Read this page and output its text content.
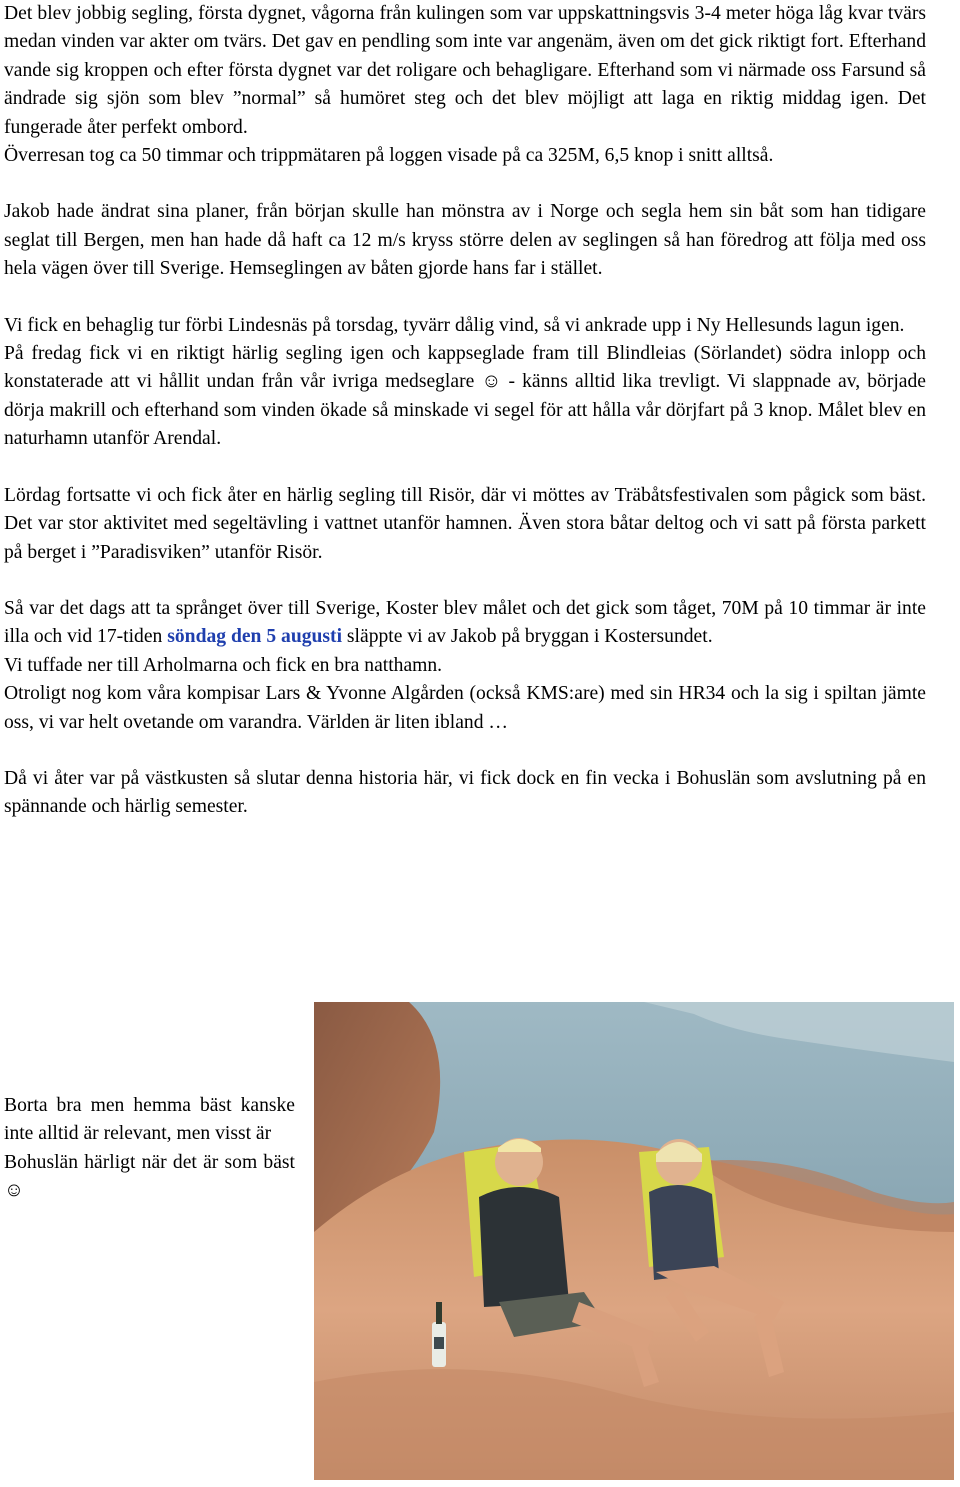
Det blev jobbig segling, första dygnet, vågorna från kulingen som var uppskattningsvis 3-4 meter höga låg kvar tvärs medan vinden var akter om tvärs. Det gav en pendling som inte var angenäm, även om det gick riktigt fort. Efterhand vande sig kroppen och efter första dygnet var det roligare och behagligare. Efterhand som vi närmade oss Farsund så ändrade sig sjön som blev ”normal” så humöret steg och det blev möjligt att laga en riktig middag igen. Det fungerade åter perfekt ombord.

Överresan tog ca 50 timmar och trippmätaren på loggen visade på ca 325M, 6,5 knop i snitt alltså.

Jakob hade ändrat sina planer, från början skulle han mönstra av i Norge och segla hem sin båt som han tidigare seglat till Bergen, men han hade då haft ca 12 m/s kryss större delen av seglingen så han föredrog att följa med oss hela vägen över till Sverige. Hemseglingen av båten gjorde hans far i stället.

Vi fick en behaglig tur förbi Lindesnäs på torsdag, tyvärr dålig vind, så vi ankrade upp i Ny Hellesunds lagun igen.

På fredag fick vi en riktigt härlig segling igen och kappseglade fram till Blindleias (Sörlandet) södra inlopp och konstaterade att vi hållit undan från vår ivriga medseglare ☺ - känns alltid lika trevligt. Vi slappnade av, började dörja makrill och efterhand som vinden ökade så minskade vi segel för att hålla vår dörjfart på 3 knop. Målet blev en naturhamn utanför Arendal.

Lördag fortsatte vi och fick åter en härlig segling till Risör, där vi möttes av Träbåtsfestivalen som pågick som bäst. Det var stor aktivitet med segeltävling i vattnet utanför hamnen. Även stora båtar deltog och vi satt på första parkett på berget i ”Paradisviken” utanför Risör.

Så var det dags att ta språnget över till Sverige, Koster blev målet och det gick som tåget, 70M på 10 timmar är inte illa och vid 17-tiden söndag den 5 augusti släppte vi av Jakob på bryggan i Kostersundet.

Vi tuffade ner till Arholmarna och fick en bra natthamn.

Otroligt nog kom våra kompisar Lars & Yvonne Algården (också KMS:are) med sin HR34 och la sig i spiltan jämte oss, vi var helt ovetande om varandra. Världen är liten ibland …

Då vi åter var på västkusten så slutar denna historia här, vi fick dock en fin vecka i Bohuslän som avslutning på en spännande och härlig semester.

Borta bra men hemma bäst kanske inte alltid är relevant, men visst är
Bohuslän härligt när det är som bäst ☺
